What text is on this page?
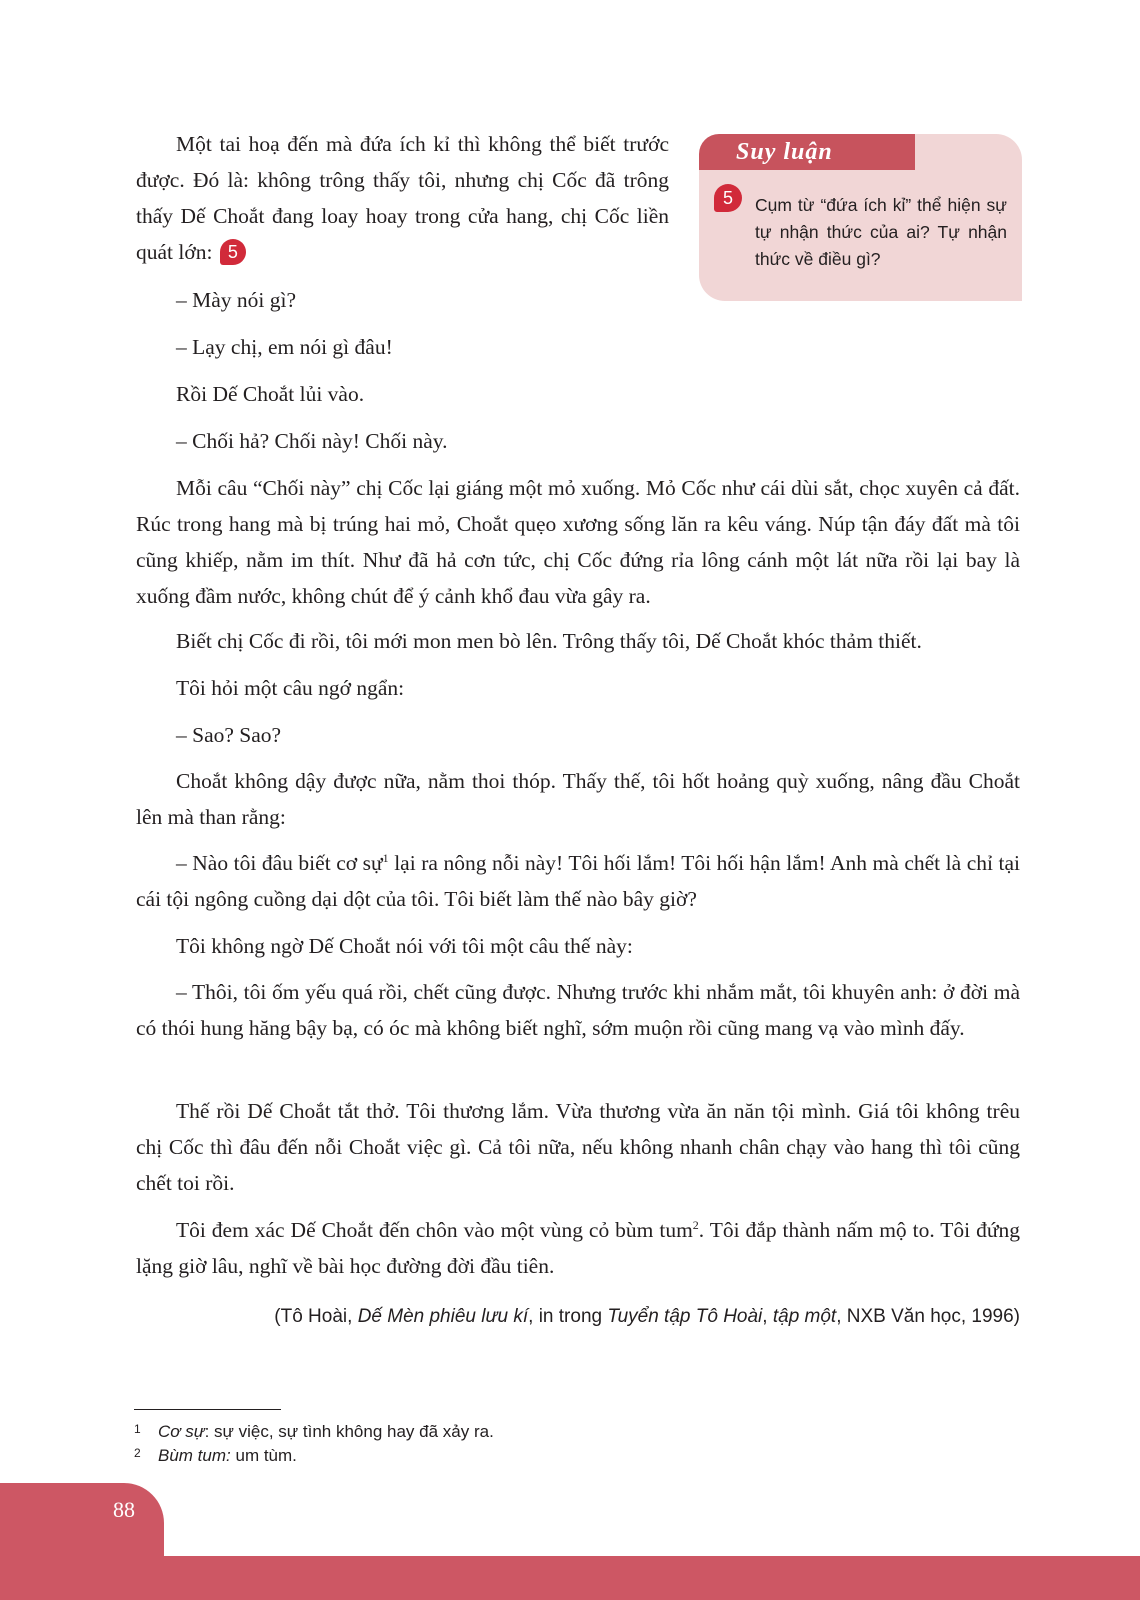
Suy luận
5	Cụm từ “đứa ích kỉ” thể hiện sự tự nhận thức của ai? Tự nhận thức về điều gì?

Một tai hoạ đến mà đứa ích kỉ thì không thể biết trước được. Đó là: không trông thấy tôi, nhưng chị Cốc đã trông thấy Dế Choắt đang loay hoay trong cửa hang, chị Cốc liền quát lớn: 5

– Mày nói gì?

– Lạy chị, em nói gì đâu!

Rồi Dế Choắt lủi vào.

– Chối hả? Chối này! Chối này.

Mỗi câu “Chối này” chị Cốc lại giáng một mỏ xuống. Mỏ Cốc như cái dùi sắt, chọc xuyên cả đất. Rúc trong hang mà bị trúng hai mỏ, Choắt quẹo xương sống lăn ra kêu váng. Núp tận đáy đất mà tôi cũng khiếp, nằm im thít. Như đã hả cơn tức, chị Cốc đứng rỉa lông cánh một lát nữa rồi lại bay là xuống đầm nước, không chút để ý cảnh khổ đau vừa gây ra.

Biết chị Cốc đi rồi, tôi mới mon men bò lên. Trông thấy tôi, Dế Choắt khóc thảm thiết.

Tôi hỏi một câu ngớ ngẩn:

– Sao? Sao?

Choắt không dậy được nữa, nằm thoi thóp. Thấy thế, tôi hốt hoảng quỳ xuống, nâng đầu Choắt lên mà than rằng:

– Nào tôi đâu biết cơ sự$^1$ lại ra nông nỗi này! Tôi hối lắm! Tôi hối hận lắm! Anh mà chết là chỉ tại cái tội ngông cuồng dại dột của tôi. Tôi biết làm thế nào bây giờ?

Tôi không ngờ Dế Choắt nói với tôi một câu thế này:

– Thôi, tôi ốm yếu quá rồi, chết cũng được. Nhưng trước khi nhắm mắt, tôi khuyên anh: ở đời mà có thói hung hăng bậy bạ, có óc mà không biết nghĩ, sớm muộn rồi cũng mang vạ vào mình đấy.

Thế rồi Dế Choắt tắt thở. Tôi thương lắm. Vừa thương vừa ăn năn tội mình. Giá tôi không trêu chị Cốc thì đâu đến nỗi Choắt việc gì. Cả tôi nữa, nếu không nhanh chân chạy vào hang thì tôi cũng chết toi rồi.

Tôi đem xác Dế Choắt đến chôn vào một vùng cỏ bùm tum$^2$. Tôi đắp thành nấm mộ to. Tôi đứng lặng giờ lâu, nghĩ về bài học đường đời đầu tiên.

(Tô Hoài, Dế Mèn phiêu lưu kí, in trong Tuyển tập Tô Hoài, tập một, NXB Văn học, 1996)

1 Cơ sự: sự việc, sự tình không hay đã xảy ra.

2 Bùm tum: um tùm.

88
